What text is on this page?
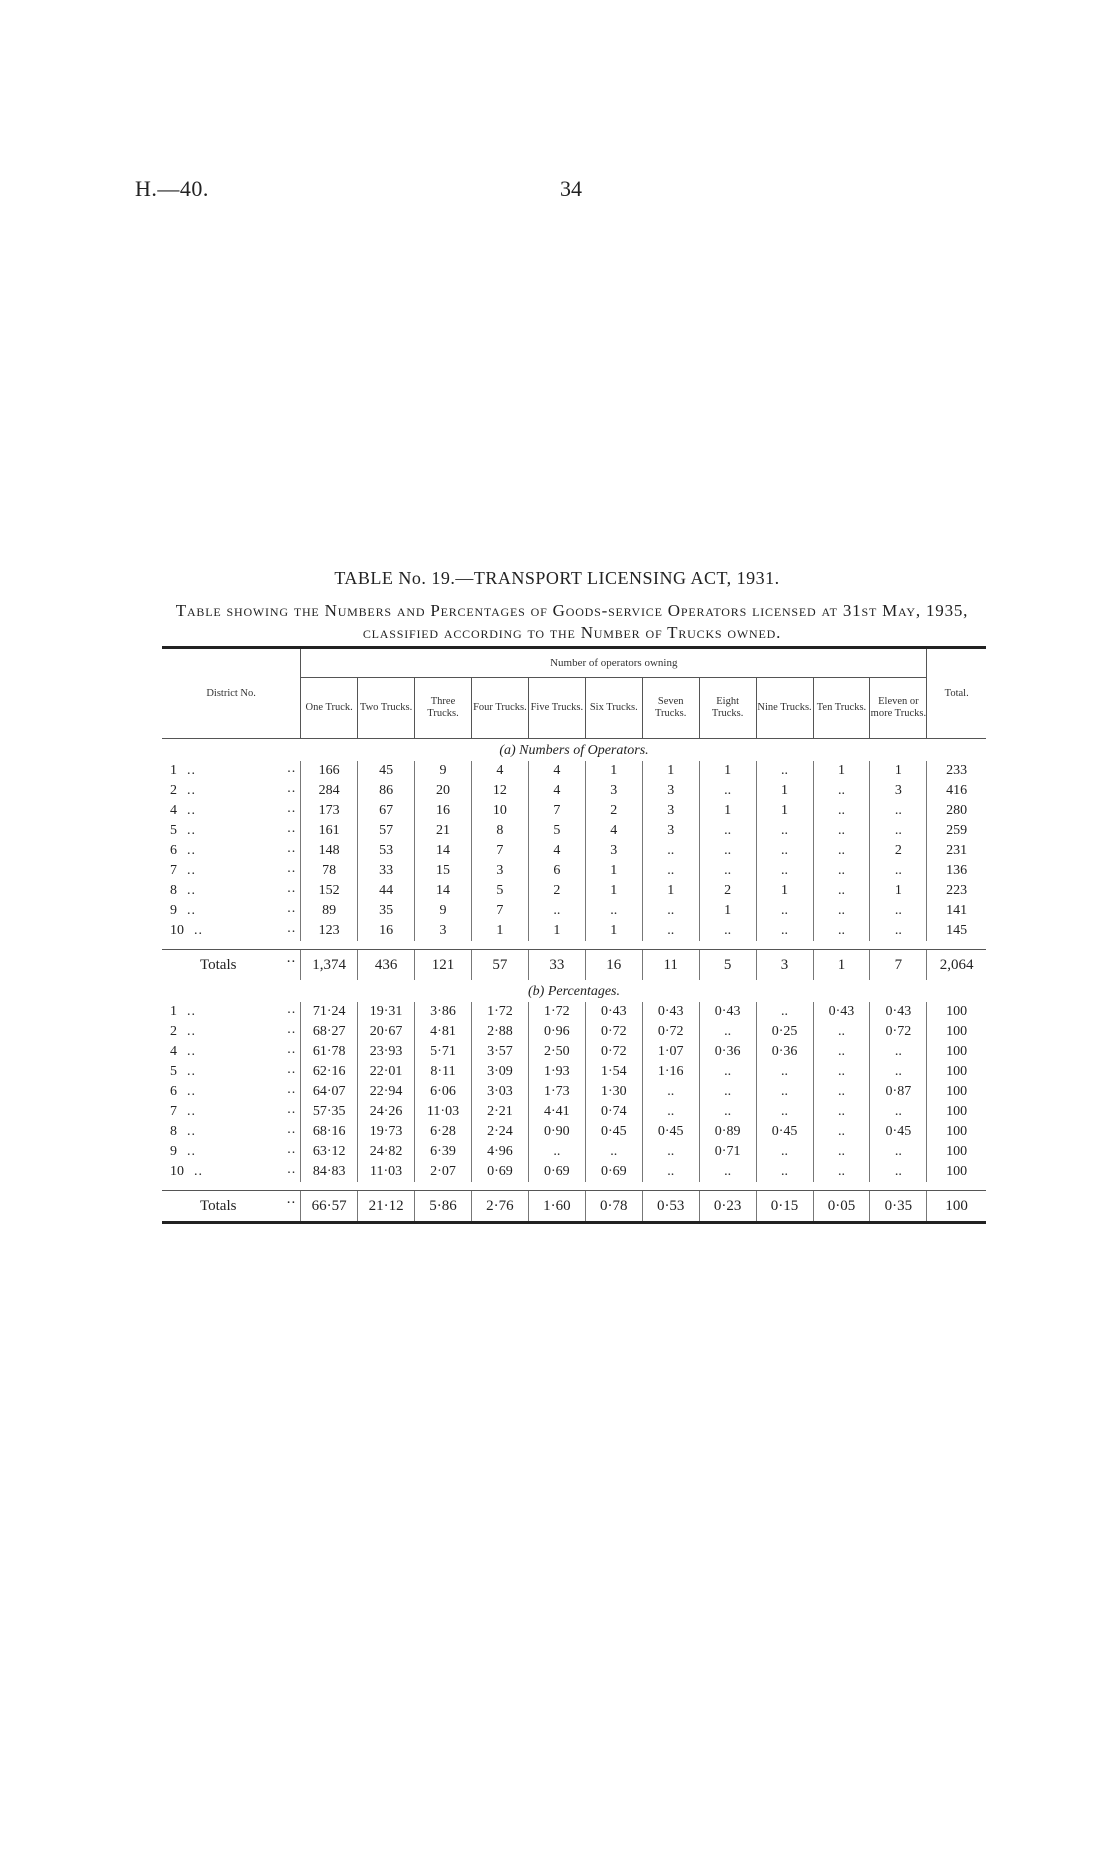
H.—40.	34
TABLE No. 19.—TRANSPORT LICENSING ACT, 1931.
Table showing the Numbers and Percentages of Goods-service Operators licensed at 31st May, 1935, classified according to the Number of Trucks owned.
District No.	Number of operators owning											Total.
	One Truck.	Two Trucks.	Three Trucks.	Four Trucks.	Five Trucks.	Six Trucks.	Seven Trucks.	Eight Trucks.	Nine Trucks.	Ten Trucks.	Eleven or more Trucks.	
(a) Numbers of Operators.												
1 .. ..	166	45	9	4	4	1	1	1	..	1	1	233
2 .. ..	284	86	20	12	4	3	3	..	1	..	3	416
4 .. ..	173	67	16	10	7	2	3	1	1	..	..	280
5 .. ..	161	57	21	8	5	4	3	..	..	..	..	259
6 .. ..	148	53	14	7	4	3	..	..	..	..	2	231
7 .. ..	78	33	15	3	6	1	..	..	..	..	..	136
8 .. ..	152	44	14	5	2	1	1	2	1	..	1	223
9 .. ..	89	35	9	7	..	..	..	1	..	..	..	141
10 .. ..	123	16	3	1	1	1	..	..	..	..	..	145

Totals ..	1,374	436	121	57	33	16	11	5	3	1	7	2,064
(b) Percentages.												
1 .. ..	71·24	19·31	3·86	1·72	1·72	0·43	0·43	0·43	..	0·43	0·43	100
2 .. ..	68·27	20·67	4·81	2·88	0·96	0·72	0·72	..	0·25	..	0·72	100
4 .. ..	61·78	23·93	5·71	3·57	2·50	0·72	1·07	0·36	0·36	..	..	100
5 .. ..	62·16	22·01	8·11	3·09	1·93	1·54	1·16	..	..	..	..	100
6 .. ..	64·07	22·94	6·06	3·03	1·73	1·30	..	..	..	..	0·87	100
7 .. ..	57·35	24·26	11·03	2·21	4·41	0·74	..	..	..	..	..	100
8 .. ..	68·16	19·73	6·28	2·24	0·90	0·45	0·45	0·89	0·45	..	0·45	100
9 .. ..	63·12	24·82	6·39	4·96	..	..	..	0·71	..	..	..	100
10 .. ..	84·83	11·03	2·07	0·69	0·69	0·69	..	..	..	..	..	100

Totals ..	66·57	21·12	5·86	2·76	1·60	0·78	0·53	0·23	0·15	0·05	0·35	100
